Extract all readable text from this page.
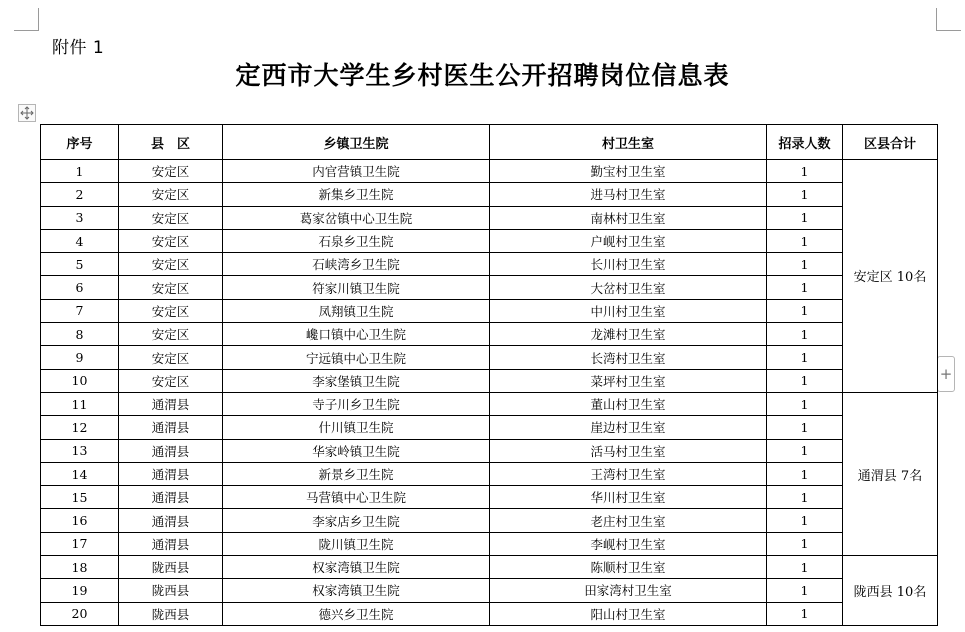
附件 1
定西市大学生乡村医生公开招聘岗位信息表
+
序号	县　区	乡镇卫生院	村卫生室	招录人数	区县合计
1	安定区	内官营镇卫生院	勤宝村卫生室	1	安定区 10名
2	安定区	新集乡卫生院	进马村卫生室	1	
3	安定区	葛家岔镇中心卫生院	南林村卫生室	1	
4	安定区	石泉乡卫生院	户岘村卫生室	1	
5	安定区	石峡湾乡卫生院	长川村卫生室	1	
6	安定区	符家川镇卫生院	大岔村卫生室	1	
7	安定区	凤翔镇卫生院	中川村卫生室	1	
8	安定区	巉口镇中心卫生院	龙滩村卫生室	1	
9	安定区	宁远镇中心卫生院	长湾村卫生室	1	
10	安定区	李家堡镇卫生院	菜坪村卫生室	1	
11	通渭县	寺子川乡卫生院	董山村卫生室	1	通渭县 7名
12	通渭县	什川镇卫生院	崖边村卫生室	1	
13	通渭县	华家岭镇卫生院	活马村卫生室	1	
14	通渭县	新景乡卫生院	王湾村卫生室	1	
15	通渭县	马营镇中心卫生院	华川村卫生室	1	
16	通渭县	李家店乡卫生院	老庄村卫生室	1	
17	通渭县	陇川镇卫生院	李岘村卫生室	1	
18	陇西县	权家湾镇卫生院	陈顺村卫生室	1	陇西县 10名
19	陇西县	权家湾镇卫生院	田家湾村卫生室	1	
20	陇西县	德兴乡卫生院	阳山村卫生室	1	
